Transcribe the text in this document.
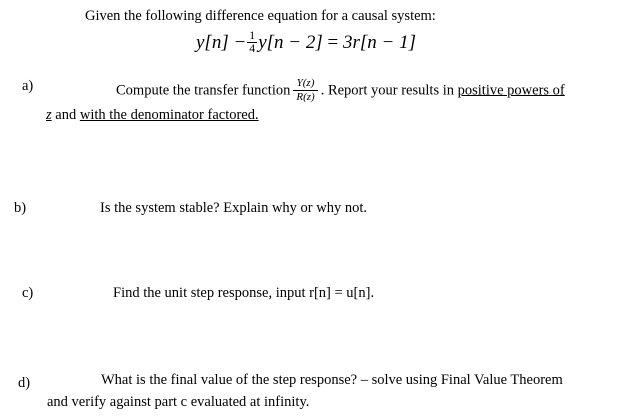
Given the following difference equation for a causal system:
$y[n] - \frac{1}{4} y[n - 2] = 3r[n - 1]$
a)	Compute the transfer function $\frac{Y(z)}{R(z)}$ . Report your results in positive powers of
z and with the denominator factored.
b)	Is the system stable? Explain why or why not.
c)	Find the unit step response, input r[n] = u[n].
d)	What is the final value of the step response? – solve using Final Value Theorem
and verify against part c evaluated at infinity.
